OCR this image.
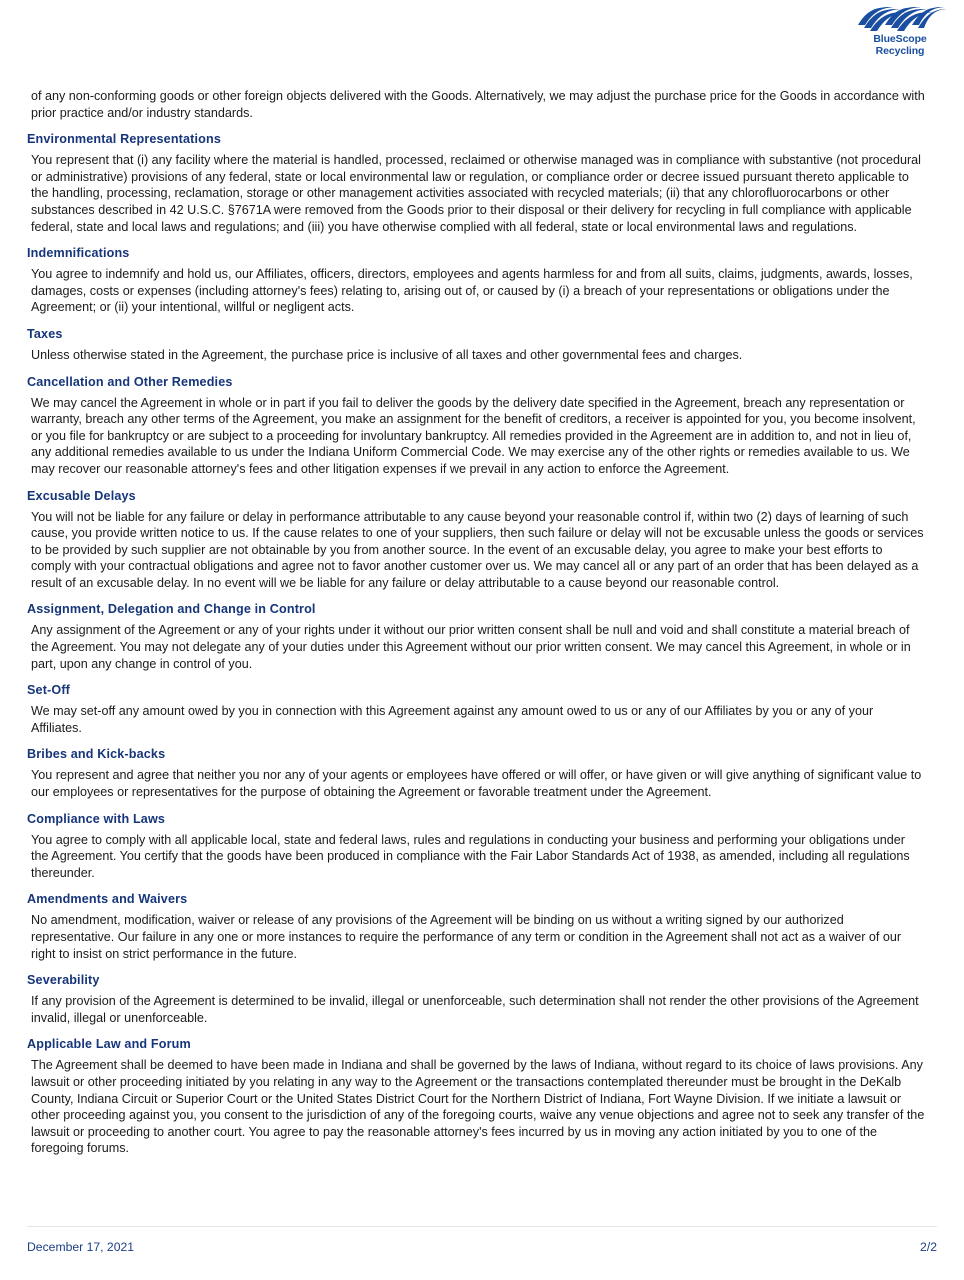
BlueScope
Recycling

of any non-conforming goods or other foreign objects delivered with the Goods. Alternatively, we may adjust the purchase price for the Goods in accordance with prior practice and/or industry standards.

Environmental Representations

You represent that (i) any facility where the material is handled, processed, reclaimed or otherwise managed was in compliance with substantive (not procedural or administrative) provisions of any federal, state or local environmental law or regulation, or compliance order or decree issued pursuant thereto applicable to the handling, processing, reclamation, storage or other management activities associated with recycled materials; (ii) that any chlorofluorocarbons or other substances described in 42 U.S.C. §7671A were removed from the Goods prior to their disposal or their delivery for recycling in full compliance with applicable federal, state and local laws and regulations; and (iii) you have otherwise complied with all federal, state or local environmental laws and regulations.

Indemnifications

You agree to indemnify and hold us, our Affiliates, officers, directors, employees and agents harmless for and from all suits, claims, judgments, awards, losses, damages, costs or expenses (including attorney's fees) relating to, arising out of, or caused by (i) a breach of your representations or obligations under the Agreement; or (ii) your intentional, willful or negligent acts.

Taxes

Unless otherwise stated in the Agreement, the purchase price is inclusive of all taxes and other governmental fees and charges.

Cancellation and Other Remedies

We may cancel the Agreement in whole or in part if you fail to deliver the goods by the delivery date specified in the Agreement, breach any representation or warranty, breach any other terms of the Agreement, you make an assignment for the benefit of creditors, a receiver is appointed for you, you become insolvent, or you file for bankruptcy or are subject to a proceeding for involuntary bankruptcy. All remedies provided in the Agreement are in addition to, and not in lieu of, any additional remedies available to us under the Indiana Uniform Commercial Code. We may exercise any of the other rights or remedies available to us. We may recover our reasonable attorney's fees and other litigation expenses if we prevail in any action to enforce the Agreement.

Excusable Delays

You will not be liable for any failure or delay in performance attributable to any cause beyond your reasonable control if, within two (2) days of learning of such cause, you provide written notice to us. If the cause relates to one of your suppliers, then such failure or delay will not be excusable unless the goods or services to be provided by such supplier are not obtainable by you from another source. In the event of an excusable delay, you agree to make your best efforts to comply with your contractual obligations and agree not to favor another customer over us. We may cancel all or any part of an order that has been delayed as a result of an excusable delay. In no event will we be liable for any failure or delay attributable to a cause beyond our reasonable control.

Assignment, Delegation and Change in Control

Any assignment of the Agreement or any of your rights under it without our prior written consent shall be null and void and shall constitute a material breach of the Agreement. You may not delegate any of your duties under this Agreement without our prior written consent. We may cancel this Agreement, in whole or in part, upon any change in control of you.

Set-Off

We may set-off any amount owed by you in connection with this Agreement against any amount owed to us or any of our Affiliates by you or any of your Affiliates.

Bribes and Kick-backs

You represent and agree that neither you nor any of your agents or employees have offered or will offer, or have given or will give anything of significant value to our employees or representatives for the purpose of obtaining the Agreement or favorable treatment under the Agreement.

Compliance with Laws

You agree to comply with all applicable local, state and federal laws, rules and regulations in conducting your business and performing your obligations under the Agreement. You certify that the goods have been produced in compliance with the Fair Labor Standards Act of 1938, as amended, including all regulations thereunder.

Amendments and Waivers

No amendment, modification, waiver or release of any provisions of the Agreement will be binding on us without a writing signed by our authorized representative. Our failure in any one or more instances to require the performance of any term or condition in the Agreement shall not act as a waiver of our right to insist on strict performance in the future.

Severability

If any provision of the Agreement is determined to be invalid, illegal or unenforceable, such determination shall not render the other provisions of the Agreement invalid, illegal or unenforceable.

Applicable Law and Forum

The Agreement shall be deemed to have been made in Indiana and shall be governed by the laws of Indiana, without regard to its choice of laws provisions. Any lawsuit or other proceeding initiated by you relating in any way to the Agreement or the transactions contemplated thereunder must be brought in the DeKalb County, Indiana Circuit or Superior Court or the United States District Court for the Northern District of Indiana, Fort Wayne Division. If we initiate a lawsuit or other proceeding against you, you consent to the jurisdiction of any of the foregoing courts, waive any venue objections and agree not to seek any transfer of the lawsuit or proceeding to another court. You agree to pay the reasonable attorney's fees incurred by us in moving any action initiated by you to one of the foregoing forums.

December 17, 2021	2/2
